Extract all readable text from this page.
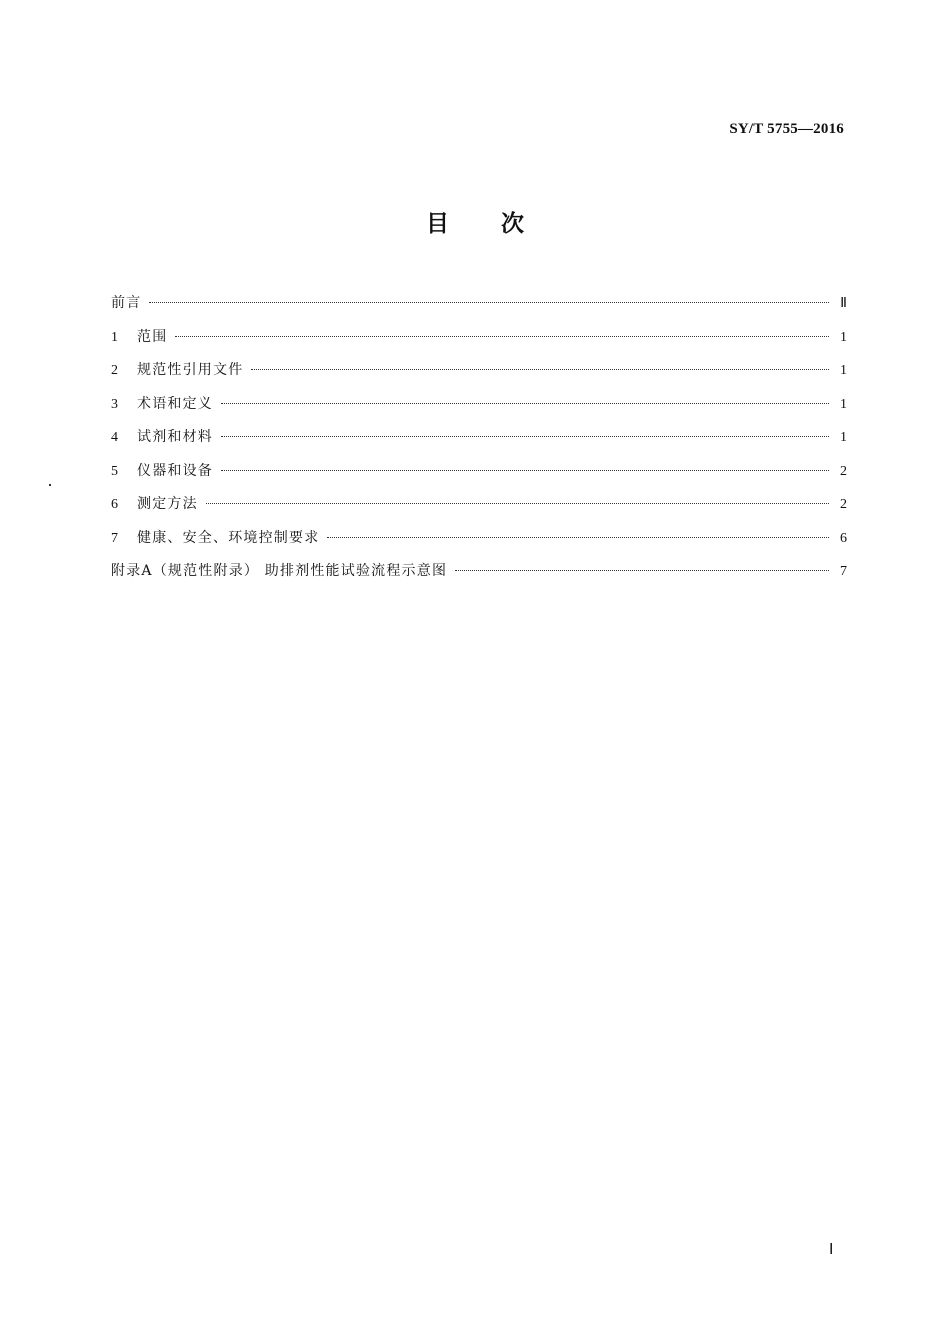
SY/T 5755—2016
目 次
前言	Ⅱ
1	范围	1
2	规范性引用文件	1
3	术语和定义	1
4	试剂和材料	1
5	仪器和设备	2
6	测定方法	2
7	健康、安全、环境控制要求	6
附录A（规范性附录） 助排剂性能试验流程示意图	7
Ⅰ
